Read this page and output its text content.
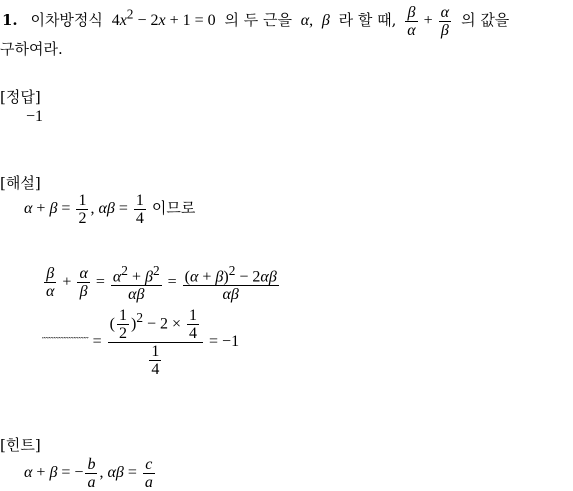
1. 이차방정식 $4x^2 - 2x + 1 = 0$ 의 두 근을 α, β 라 할 때, $\frac{\beta}{\alpha} + \frac{\alpha}{\beta}$ 의 값을
구하여라.
[정답]
−1
[해설]
$\alpha + \beta = \frac{1}{2}$ , $\alpha\beta = \frac{1}{4}$ 이므로
$\frac{\beta}{\alpha} + \frac{\alpha}{\beta} = \frac{\alpha^2 + \beta^2}{\alpha\beta} = \frac{(\alpha + \beta)^2 - 2\alpha\beta}{\alpha\beta}$
˝˝˝˝˝˝˝˝˝˝˝˝˝˝ = $\frac{( \frac{1}{2} )^2 - 2 \times \frac{1}{4}}{\frac{1}{4}} = -1$
[힌트]
α + β = − $\frac{b}{a}$ , $\alpha\beta = \frac{c}{a}$
